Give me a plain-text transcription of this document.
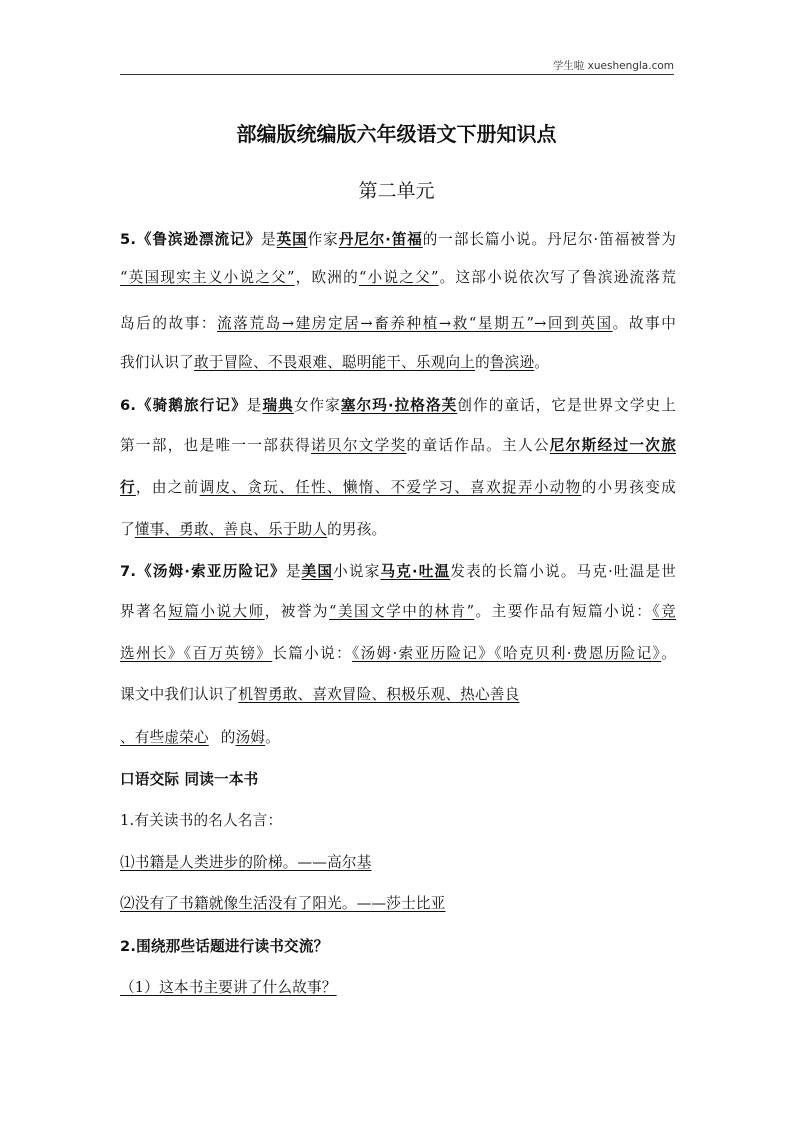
学生啦 xueshengla.com
部编版统编版六年级语文下册知识点
第二单元
5.《鲁滨逊漂流记》是英国作家丹尼尔·笛福的一部长篇小说。丹尼尔·笛福被誉为
“英国现实主义小说之父”，欧洲的“小说之父”。这部小说依次写了鲁滨逊流落荒
岛后的故事：流落荒岛→建房定居→畜养种植→救“星期五”→回到英国。故事中
我们认识了敢于冒险、不畏艰难、聪明能干、乐观向上的鲁滨逊。
6.《骑鹅旅行记》是瑞典女作家塞尔玛·拉格洛芙创作的童话，它是世界文学史上
第一部，也是唯一一部获得诺贝尔文学奖的童话作品。主人公尼尔斯经过一次旅
行，由之前调皮、贪玩、任性、懒惰、不爱学习、喜欢捉弄小动物的小男孩变成
了懂事、勇敢、善良、乐于助人的男孩。
7.《汤姆·索亚历险记》是美国小说家马克·吐温发表的长篇小说。马克·吐温是世
界著名短篇小说大师，被誉为“美国文学中的林肯”。主要作品有短篇小说：《竞
选州长》《百万英镑》长篇小说：《汤姆·索亚历险记》《哈克贝利·费恩历险记》。
课文中我们认识了机智勇敢、喜欢冒险、积极乐观、热心善良
、有些虚荣心 的汤姆。
口语交际 同读一本书
1.有关读书的名人名言：
⑴书籍是人类进步的阶梯。——高尔基
⑵没有了书籍就像生活没有了阳光。——莎士比亚
2.围绕那些话题进行读书交流？
（1）这本书主要讲了什么故事？
